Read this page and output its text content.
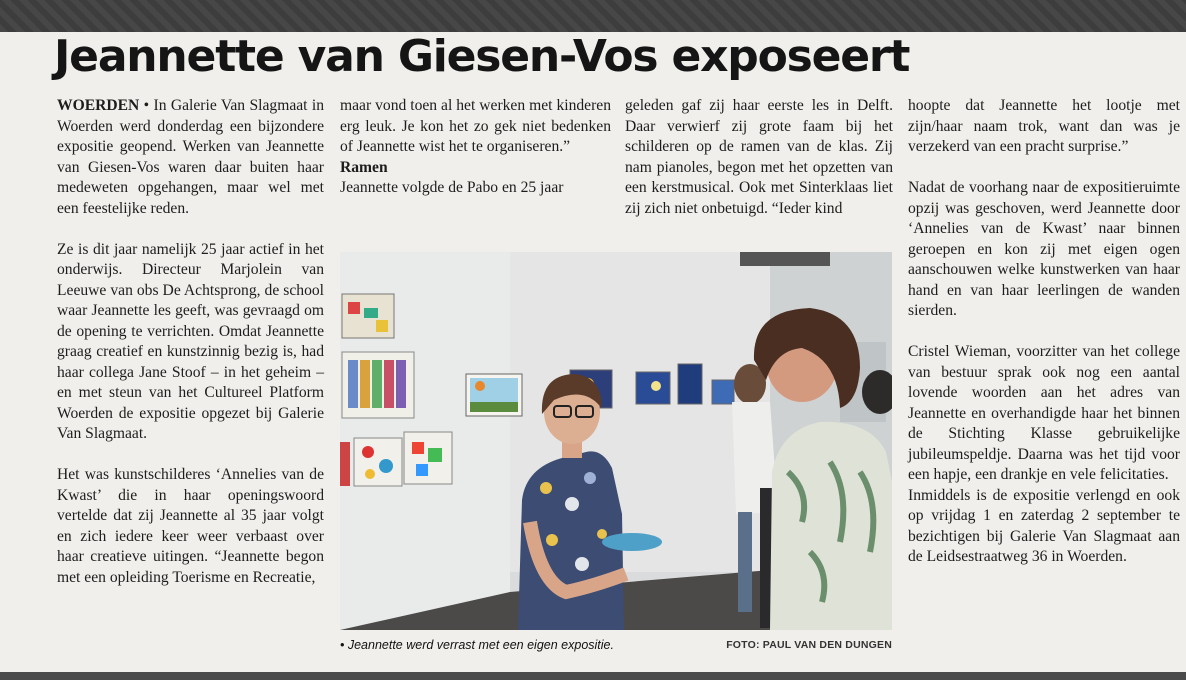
Jeannette van Giesen-Vos exposeert

WOERDEN • In Galerie Van Slagmaat in Woerden werd donderdag een bijzondere expositie geopend. Werken van Jeannette van Giesen-Vos waren daar buiten haar medeweten opgehangen, maar wel met een feestelijke reden.

Ze is dit jaar namelijk 25 jaar actief in het onderwijs. Directeur Marjolein van Leeuwe van obs De Achtsprong, de school waar Jeannette les geeft, was gevraagd om de opening te verrichten. Omdat Jeannette graag creatief en kunstzinnig bezig is, had haar collega Jane Stoof – in het geheim – en met steun van het Cultureel Platform Woerden de expositie opgezet bij Galerie Van Slagmaat.

Het was kunstschilderes ‘Annelies van de Kwast’ die in haar openingswoord vertelde dat zij Jeannette al 35 jaar volgt en zich iedere keer weer verbaast over haar creatieve uitingen. “Jeannette begon met een opleiding Toerisme en Recreatie,

maar vond toen al het werken met kinderen erg leuk. Je kon het zo gek niet bedenken of Jeannette wist het te organiseren.”

Ramen

Jeannette volgde de Pabo en 25 jaar

geleden gaf zij haar eerste les in Delft. Daar verwierf zij grote faam bij het schilderen op de ramen van de klas. Zij nam pianoles, begon met het opzetten van een kerstmusical. Ook met Sinterklaas liet zij zich niet onbetuigd. “Ieder kind

hoopte dat Jeannette het lootje met zijn/haar naam trok, want dan was je verzekerd van een pracht surprise.”

Nadat de voorhang naar de expositieruimte opzij was geschoven, werd Jeannette door ‘Annelies van de Kwast’ naar binnen geroepen en kon zij met eigen ogen aanschouwen welke kunstwerken van haar hand en van haar leerlingen de wanden sierden.

Cristel Wieman, voorzitter van het college van bestuur sprak ook nog een aantal lovende woorden aan het adres van Jeannette en overhandigde haar het binnen de Stichting Klasse gebruikelijke jubileumspeldje. Daarna was het tijd voor een hapje, een drankje en vele felicitaties.

Inmiddels is de expositie verlengd en ook op vrijdag 1 en zaterdag 2 september te bezichtigen bij Galerie Van Slagmaat aan de Leidsestraatweg 36 in Woerden.

• Jeannette werd verrast met een eigen expositie.	FOTO: PAUL VAN DEN DUNGEN
